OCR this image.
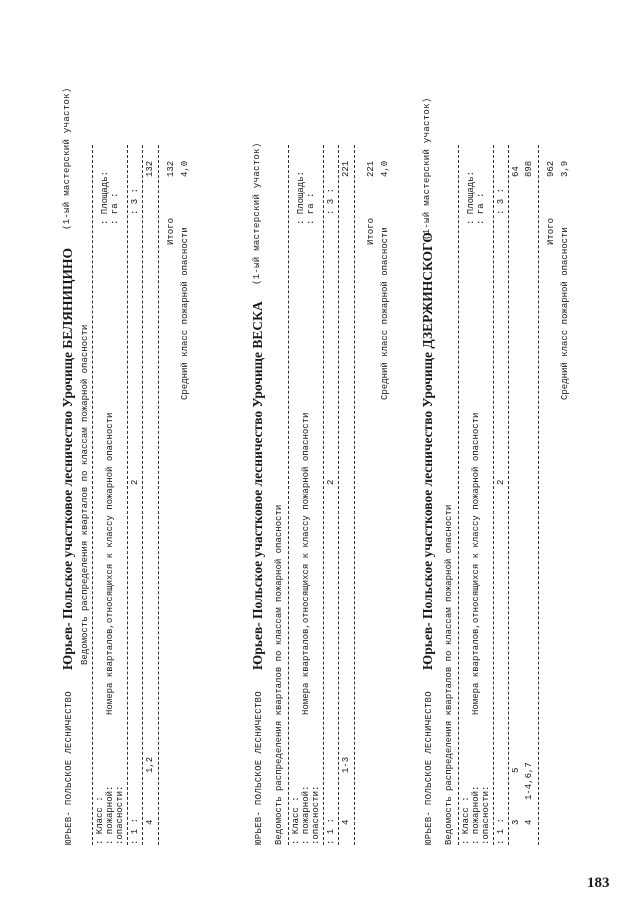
ЮРЬЕВ- ПОЛЬСКОЕ ЛЕСНИЧЕСТВО
Юрьев- Польское участковое лесничество Урочище БЕЛЯНИЦИНО
(1-ый мастерский участок)
Ведомость распределения кварталов по классам пожарной опасности
: Класс : : пожарной: :опасности:
Номера кварталов,относящихся к классу пожарной опасности
: Площадь: : га :
: 1 :
2
: 3 :
4
1,2
132
Итого
132
Средний класс пожарной опасности
4,0
ЮРЬЕВ- ПОЛЬСКОЕ ЛЕСНИЧЕСТВО
Юрьев- Польское участковое лесничество Урочище ВЕСКА
(1-ый мастерский участок)
Ведомость распределения кварталов по классам пожарной опасности : Класс : : пожарной: :опасности:
Номера кварталов,относящихся к классу пожарной опасности
: Площадь: : га :
: 1 :
2
: 3 :
4
1-3
221
Итого
221
Средний класс пожарной опасности
4,0
ЮРЬЕВ- ПОЛЬСКОЕ ЛЕСНИЧЕСТВО
Юрьев- Польское участковое лесничество Урочище ДЗЕРЖИНСКОГО
(1-ый мастерский участок)
Ведомость распределения кварталов по классам пожарной опасности : Класс : : пожарной: :опасности:
Номера кварталов,относящихся к классу пожарной опасности
: Площадь: : га :
: 1 :
2
: 3 :
3
5
64
4
1-4,6,7
898
Итого
962
Средний класс пожарной опасности
3,9
183
